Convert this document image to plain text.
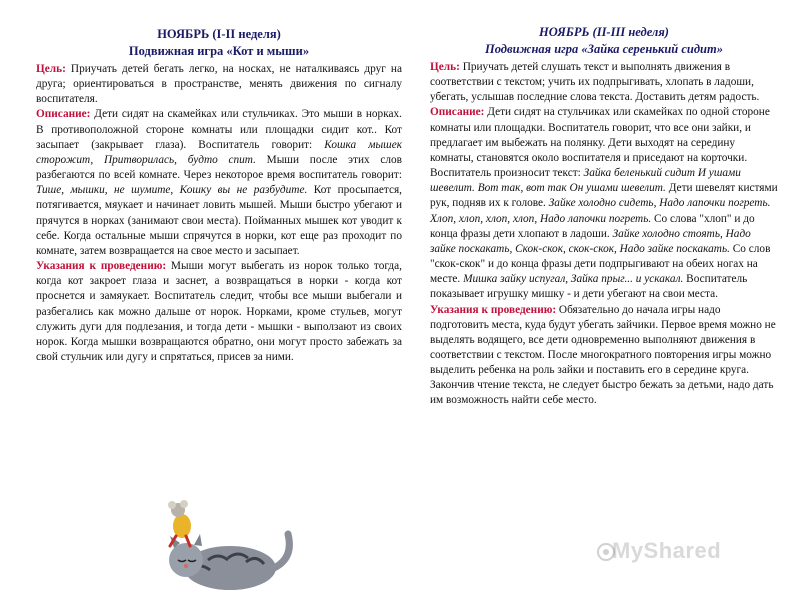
НОЯБРЬ (I-II неделя)
Подвижная игра «Кот и мыши»

Цель: Приучать детей бегать легко, на носках, не наталкиваясь друг на друга; ориентироваться в пространстве, менять движения по сигналу воспитателя.

Описание: Дети сидят на скамейках или стульчиках. Это мыши в норках. В противоположной стороне комнаты или площадки сидит кот.. Кот засыпает (закрывает глаза). Воспитатель говорит: Кошка мышек сторожит, Притворилась, будто спит. Мыши после этих слов разбегаются по всей комнате. Через некоторое время воспитатель говорит: Тише, мышки, не шумите, Кошку вы не разбудите. Кот просыпается, потягивается, мяукает и начинает ловить мышей. Мыши быстро убегают и прячутся в норках (занимают свои места). Пойманных мышек кот уводит к себе. Когда остальные мыши спрячутся в норки, кот еще раз проходит по комнате, затем возвращается на свое место и засыпает.

Указания к проведению: Мыши могут выбегать из норок только тогда, когда кот закроет глаза и заснет, а возвращаться в норки - когда кот проснется и замяукает. Воспитатель следит, чтобы все мыши выбегали и разбегались как можно дальше от норок. Норками, кроме стульев, могут служить дуги для подлезания, и тогда дети - мышки - выползают из своих норок. Когда мышки возвращаются обратно, они могут просто забежать за свой стульчик или дугу и спрятаться, присев за ними.

НОЯБРЬ (II-III неделя)
Подвижная игра «Зайка серенький сидит»

Цель: Приучать детей слушать текст и выполнять движения в соответствии с текстом; учить их подпрыгивать, хлопать в ладоши, убегать, услышав последние слова текста. Доставить детям радость.

Описание: Дети сидят на стульчиках или скамейках по одной стороне комнаты или площадки. Воспитатель говорит, что все они зайки, и предлагает им выбежать на полянку. Дети выходят на середину комнаты, становятся около воспитателя и приседают на корточки. Воспитатель произносит текст: Зайка беленький сидит И ушами шевелит. Вот так, вот так Он ушами шевелит. Дети шевелят кистями рук, подняв их к голове. Зайке холодно сидеть, Надо лапочки погреть. Хлоп, хлоп, хлоп, хлоп, Надо лапочки погреть. Со слова "хлоп" и до конца фразы дети хлопают в ладоши. Зайке холодно стоять, Надо зайке поскакать, Скок-скок, скок-скок, Надо зайке поскакать. Со слов "скок-скок" и до конца фразы дети подпрыгивают на обеих ногах на месте. Мишка зайку испугал, Зайка прыг... и ускакал. Воспитатель показывает игрушку мишку - и дети убегают на свои места.

Указания к проведению: Обязательно до начала игры надо подготовить места, куда будут убегать зайчики. Первое время можно не выделять водящего, все дети одновременно выполняют движения в соответствии с текстом. После многократного повторения игры можно выделить ребенка на роль зайки и поставить его в середине круга. Закончив чтение текста, не следует быстро бежать за детьми, надо дать им возможность найти себе место.

MyShared
